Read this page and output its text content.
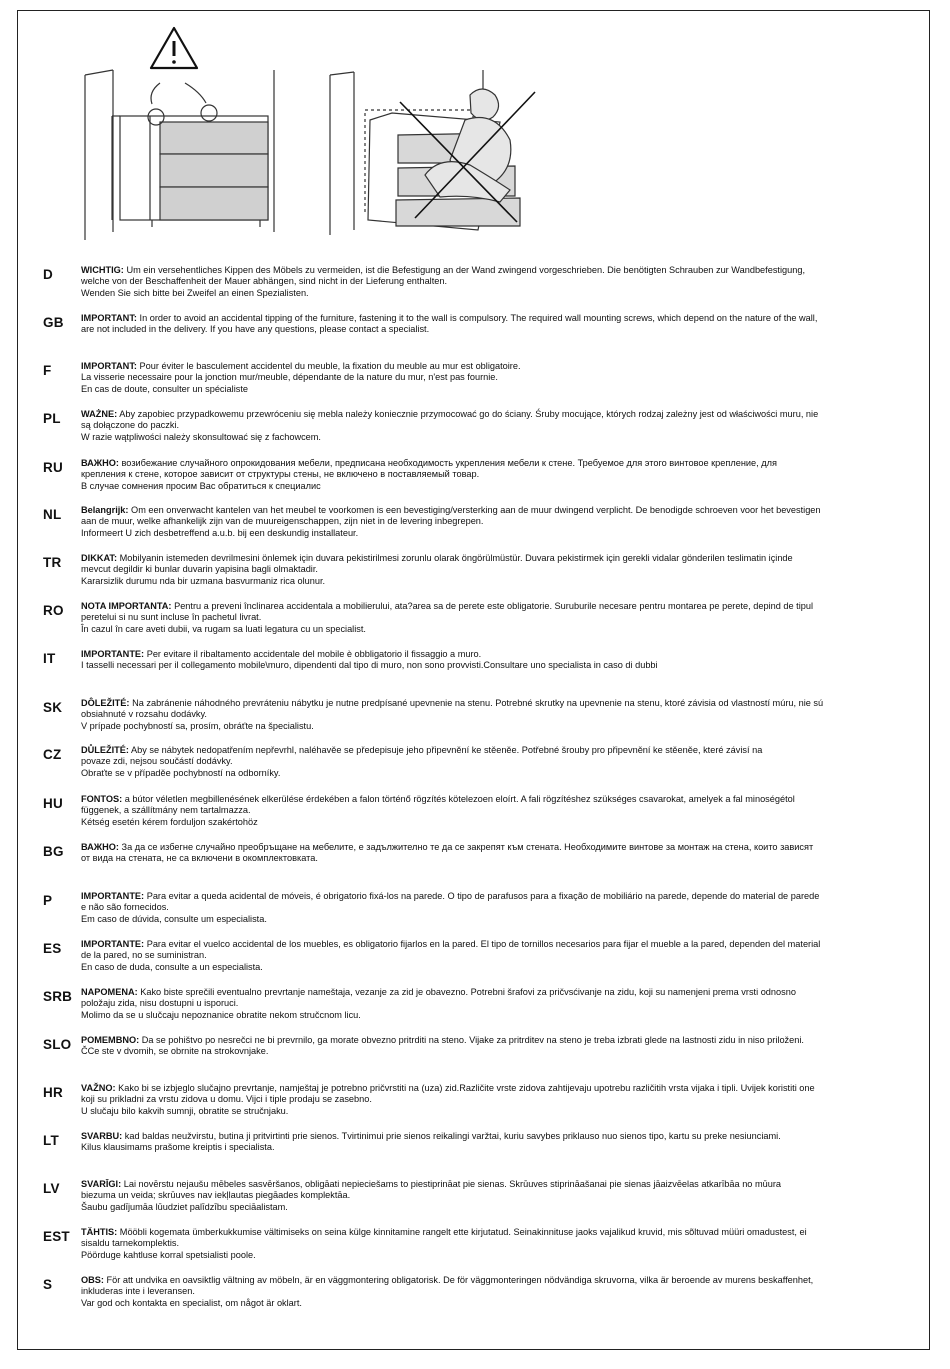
D	WICHTIG: Um ein versehentliches Kippen des Möbels zu vermeiden, ist die Befestigung an der Wand zwingend vorgeschrieben. Die benötigten Schrauben zur Wandbefestigung,

welche von der Beschaffenheit der Mauer abhängen, sind nicht in der Lieferung enthalten.

Wenden Sie sich bitte bei Zweifel an einen Spezialisten.

GB	IMPORTANT: In order to avoid an accidental tipping of the furniture, fastening it to the wall is compulsory. The required wall mounting screws, which depend on the nature of the wall,

are not included in the delivery. If you have any questions, please contact a specialist.

F	IMPORTANT: Pour éviter le basculement accidentel du meuble, la fixation du meuble au mur est obligatoire.

La visserie necessaire pour la jonction mur/meuble, dépendante de la nature du mur, n'est pas fournie.

En cas de doute, consulter un spécialiste

PL	WAŻNE: Aby zapobiec przypadkowemu przewróceniu się mebla należy koniecznie przymocować go do ściany. Śruby mocujące, których rodzaj zależny jest od właściwości muru, nie

są dołączone do paczki.

W razie wątpliwości należy skonsultować się z fachowcem.

RU	ВАЖНО: возибежание случайного опрокидования мебели, предписана необходимость укрепления мебели к стене. Требуемое для этого винтовое крепление, для

крепления к стене, которое зависит от структуры стены, не включено в поставляемый товар.

В случае сомнения просим Вас обратиться к специалис

NL	Belangrijk: Om een onverwacht kantelen van het meubel te voorkomen is een bevestiging/versterking aan de muur dwingend verplicht. De benodigde schroeven voor het bevestigen

aan de muur, welke afhankelijk zijn van de muureigenschappen, zijn niet in de levering inbegrepen.

Informeert U zich desbetreffend a.u.b. bij een deskundig installateur.

TR	DIKKAT: Mobilyanin istemeden devrilmesini önlemek için duvara pekistirilmesi zorunlu olarak öngörülmüstür. Duvara pekistirmek için gerekli vidalar gönderilen teslimatin içinde

mevcut degildir ki bunlar duvarin yapisina bagli olmaktadir.

Kararsizlik durumu nda bir uzmana basvurmaniz rica olunur.

RO	NOTA IMPORTANTA: Pentru a preveni înclinarea accidentala a mobilierului, ata?area sa de perete este obligatorie. Suruburile necesare pentru montarea pe perete, depind de tipul

peretelui si nu sunt incluse în pachetul livrat.

În cazul în care aveti dubii, va rugam sa luati legatura cu un specialist.

IT	IMPORTANTE: Per evitare il ribaltamento accidentale del mobile è obbligatorio il fissaggio a muro.

I tasselli necessari per il collegamento mobile\muro, dipendenti dal tipo di muro, non sono provvisti.Consultare uno specialista in caso di dubbi

SK	DÔLEŽITÉ: Na zabránenie náhodného prevráteniu nábytku je nutne predpísané upevnenie na stenu. Potrebné skrutky na upevnenie na stenu, ktoré závisia od vlastností múru, nie sú

obsiahnuté v rozsahu dodávky.

V prípade pochybností sa, prosím, obráťte na špecialistu.

CZ	DŮLEŽITÉ: Aby se nábytek nedopatřením nepřevrhl, naléhavěe se předepisuje jeho připevnění ke stěeněe. Potřebné šrouby pro připevnění ke stěeněe, které závisí na

povaze zdi, nejsou součástí dodávky.

Obraťte se v případěe pochybností na odborníky.

HU	FONTOS: a bútor véletlen megbillenésének elkerülése érdekében a falon történő rögzítés kötelezoen eloírt. A fali rögzítéshez szükséges csavarokat, amelyek a fal minoségétol

függenek, a szállítmány nem tartalmazza.

Kétség esetén kérem forduljon szakértohöz

BG	ВАЖНО: За да се избегне случайно преобръщане на мебелите, е задължително те да се закрепят към стената. Необходимите винтове за монтаж на стена, които зависят

от вида на стената, не са включени в окомплектовката.

P	IMPORTANTE: Para evitar a queda acidental de móveis, é obrigatorio fixá-los na parede. O tipo de parafusos para a fixação de mobiliário na parede, depende do material de parede

e não são fornecidos.

Em caso de dúvida, consulte um especialista.

ES	IMPORTANTE: Para evitar el vuelco accidental de los muebles, es obligatorio fijarlos en la pared. El tipo de tornillos necesarios para fijar el mueble a la pared, dependen del material

de la pared, no se suministran.

En caso de duda, consulte a un especialista.

SRB NAPOMENA: Kako biste sprečili eventualno prevrtanje nameštaja, vezanje za zid je obavezno. Potrebni šrafovi za pričvsćivanje na zidu, koji su namenjeni prema vrsti odnosno

položaju zida, nisu dostupni u isporuci.

Molimo da se u slučcaju nepoznanice obratite nekom stručcnom licu.

SLO	POMEMBNO: Da se pohištvo po nesrečci ne bi prevrnilo, ga morate obvezno pritrditi na steno. Vijake za pritrditev na steno je treba izbrati glede na lastnosti zidu in niso priloženi.

ČCe ste v dvomih, se obrnite na strokovnjake.

HR	VAŽNO: Kako bi se izbjeglo slučajno prevrtanje, namještaj je potrebno pričvrstiti na (uza) zid.Različite vrste zidova zahtijevaju upotrebu različitih vrsta vijaka i tipli. Uvijek koristiti one

koji su prikladni za vrstu zidova u domu. Vijci i tiple prodaju se zasebno.

U slučaju bilo kakvih sumnji, obratite se stručnjaku.

LT	SVARBU: kad baldas neužvirstu, butina ji pritvirtinti prie sienos. Tvirtinimui prie sienos reikalingi varžtai, kuriu savybes priklauso nuo sienos tipo, kartu su preke nesiunciami.

Kilus klausimams prašome kreiptis i specialista.

LV	SVARĪGI: Lai novērstu nejaušu mēbeles sasvēršanos, obligāati nepieciešams to piestiprināat pie sienas. Skrūuves stiprināašanai pie sienas jāaizvēelas atkarībāa no mūura

biezuma un veida; skrūuves nav iekļlautas piegāades komplektāa.

Šaubu gadījumāa lūudziet palīdzību speciāalistam.

EST	TÄHTIS: Mööbli kogemata ümberkukkumise vältimiseks on seina külge kinnitamine rangelt ette kirjutatud. Seinakinnituse jaoks vajalikud kruvid, mis sõltuvad müüri omadustest, ei

sisaldu tarnekomplektis.

Pöörduge kahtluse korral spetsialisti poole.

S	OBS: För att undvika en oavsiktlig vältning av möbeln, är en väggmontering obligatorisk. De för väggmonteringen nödvändiga skruvorna, vilka är beroende av murens beskaffenhet,

inkluderas inte i leveransen.

Var god och kontakta en specialist, om något är oklart.
